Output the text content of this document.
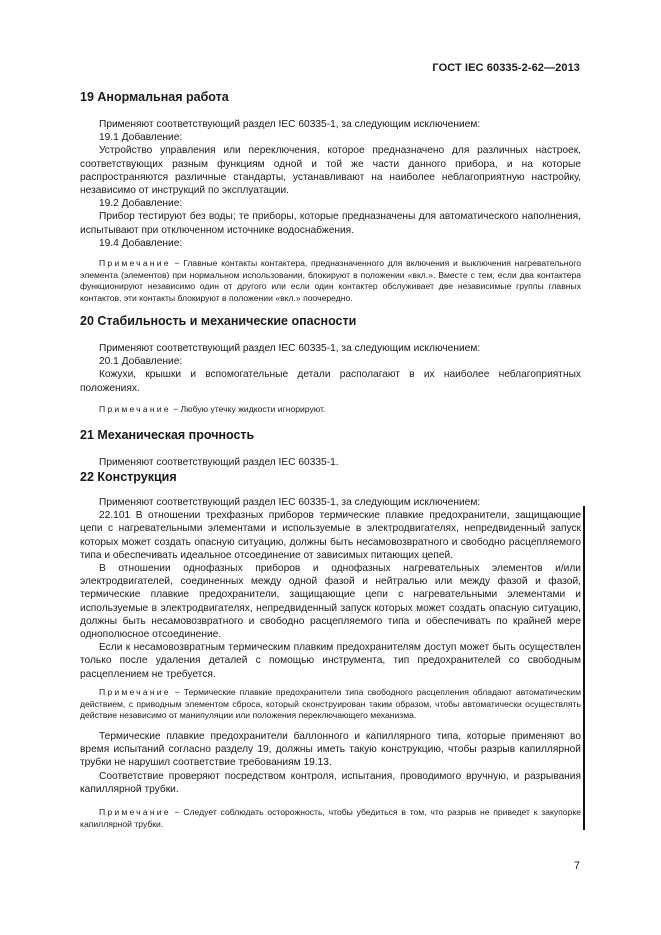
ГОСТ IEC 60335-2-62—2013
19 Анормальная работа

Применяют соответствующий раздел IEC 60335-1, за следующим исключением:

19.1 Добавление:

Устройство управления или переключения, которое предназначено для различных настроек, соответствующих разным функциям одной и той же части данного прибора, и на которые распространяются различные стандарты, устанавливают на наиболее неблагоприятную настройку, независимо от инструкций по эксплуатации.

19.2 Добавление:

Прибор тестируют без воды; те приборы, которые предназначены для автоматического наполнения, испытывают при отключенном источнике водоснабжения.

19.4 Добавление:

Примечание − Главные контакты контактера, предназначенного для включения и выключения нагревательного элемента (элементов) при нормальном использовании, блокируют в положении «вкл.». Вместе с тем, если два контактера функционируют независимо один от другого или если один контактер обслуживает две независимые группы главных контактов, эти контакты блокируют в положении «вкл.» поочередно.

20 Стабильность и механические опасности

Применяют соответствующий раздел IEC 60335-1, за следующим исключением:

20.1 Добавление:

Кожухи, крышки и вспомогательные детали располагают в их наиболее неблагоприятных положениях.

Примечание − Любую утечку жидкости игнорируют.

21 Механическая прочность

Применяют соответствующий раздел IEC 60335-1.

22 Конструкция

Применяют соответствующий раздел IEC 60335-1, за следующим исключением:

22.101 В отношении трехфазных приборов термические плавкие предохранители, защищающие цепи с нагревательными элементами и используемые в электродвигателях, непредвиденный запуск которых может создать опасную ситуацию, должны быть несамовозвратного и свободно расцепляемого типа и обеспечивать идеальное отсоединение от зависимых питающих цепей.

В отношении однофазных приборов и однофазных нагревательных элементов и/или электродвигателей, соединенных между одной фазой и нейтралью или между фазой и фазой, термические плавкие предохранители, защищающие цепи с нагревательными элементами и используемые в электродвигателях, непредвиденный запуск которых может создать опасную ситуацию, должны быть несамовозвратного и свободно расцепляемого типа и обеспечивать по крайней мере однополюсное отсоединение.

Если к несамовозвратным термическим плавким предохранителям доступ может быть осуществлен только после удаления деталей с помощью инструмента, тип предохранителей со свободным расцеплением не требуется.

Примечание − Термические плавкие предохранители типа свободного расцепления обладают автоматическим действием, с приводным элементом сброса, который сконструирован таким образом, чтобы автоматически осуществлять действие независимо от манипуляции или положения переключающего механизма.

Термические плавкие предохранители баллонного и капиллярного типа, которые применяют во время испытаний согласно разделу 19, должны иметь такую конструкцию, чтобы разрыв капиллярной трубки не нарушил соответствие требованиям 19.13.

Соответствие проверяют посредством контроля, испытания, проводимого вручную, и разрывания капиллярной трубки.

Примечание − Следует соблюдать осторожность, чтобы убедиться в том, что разрыв не приведет к закупорке капиллярной трубки.

7
